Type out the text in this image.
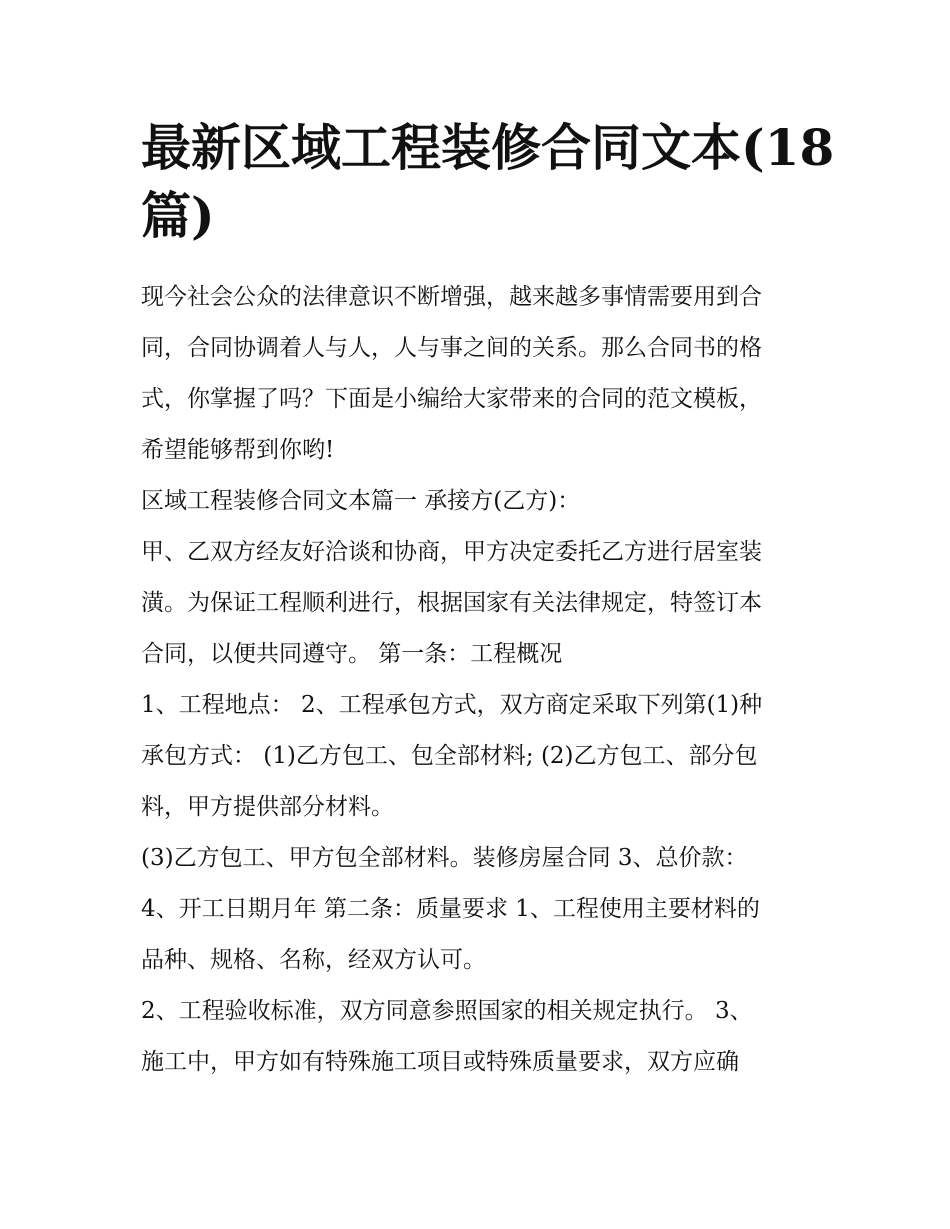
最新区域工程装修合同文本(18
篇)

现今社会公众的法律意识不断增强，越来越多事情需要用到合
同，合同协调着人与人，人与事之间的关系。那么合同书的格
式，你掌握了吗？下面是小编给大家带来的合同的范文模板，
希望能够帮到你哟!

区域工程装修合同文本篇一 承接方(乙方)：

甲、乙双方经友好洽谈和协商，甲方决定委托乙方进行居室装
潢。为保证工程顺利进行，根据国家有关法律规定，特签订本
合同，以便共同遵守。 第一条：工程概况

1、工程地点： 2、工程承包方式，双方商定采取下列第(1)种
承包方式： (1)乙方包工、包全部材料; (2)乙方包工、部分包
料，甲方提供部分材料。

(3)乙方包工、甲方包全部材料。装修房屋合同 3、总价款：

4、开工日期月年 第二条：质量要求 1、工程使用主要材料的
品种、规格、名称，经双方认可。

2、工程验收标准，双方同意参照国家的相关规定执行。 3、
施工中，甲方如有特殊施工项目或特殊质量要求，双方应确
